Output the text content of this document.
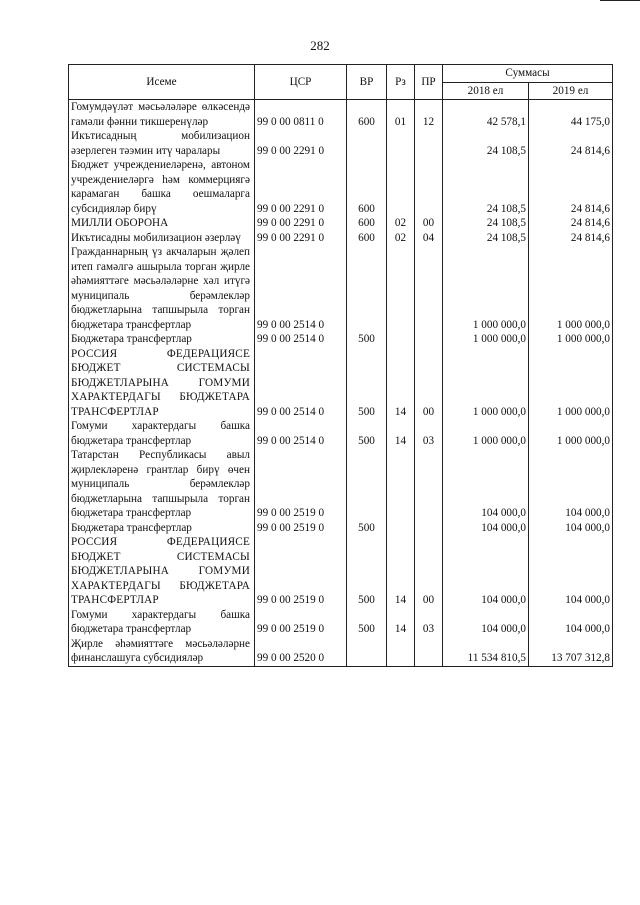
282
Исеме	ЦСР	ВР	Рз	ПР	Суммасы	
					2018 ел	2019 ел
Гомумдәүләт мәсьәләләре өлкәсендә гамәли фәнни тикшеренүләр	99 0 00 0811 0	600	01	12	42 578,1	44 175,0
Икътисадның мобилизацион әзерлеген тәэмин итү чаралары	99 0 00 2291 0				24 108,5	24 814,6
Бюджет учреждениеләренә, автоном учреждениеләргә һәм коммерциягә карамаган башка оешмаларга субсидияләр бирү	99 0 00 2291 0	600			24 108,5	24 814,6
МИЛЛИ ОБОРОНА	99 0 00 2291 0	600	02	00	24 108,5	24 814,6
Икътисадны мобилизацион әзерләү	99 0 00 2291 0	600	02	04	24 108,5	24 814,6
Гражданнарның үз акчаларын җәлеп итеп гамәлгә ашырыла торган җирле әһәмияттәге мәсьәләләрне хәл итүгә муниципаль берәмлекләр бюджетларына тапшырыла торган бюджетара трансфертлар	99 0 00 2514 0				1 000 000,0	1 000 000,0
Бюджетара трансфертлар	99 0 00 2514 0	500			1 000 000,0	1 000 000,0
РОССИЯ ФЕДЕРАЦИЯСЕ БЮДЖЕТ СИСТЕМАСЫ БЮДЖЕТЛАРЫНА ГОМУМИ ХАРАКТЕРДАГЫ БЮДЖЕТАРА ТРАНСФЕРТЛАР	99 0 00 2514 0	500	14	00	1 000 000,0	1 000 000,0
Гомуми характердагы башка бюджетара трансфертлар	99 0 00 2514 0	500	14	03	1 000 000,0	1 000 000,0
Татарстан Республикасы авыл җирлекләренә грантлар бирү өчен муниципаль берәмлекләр бюджетларына тапшырыла торган бюджетара трансфертлар	99 0 00 2519 0				104 000,0	104 000,0
Бюджетара трансфертлар	99 0 00 2519 0	500			104 000,0	104 000,0
РОССИЯ ФЕДЕРАЦИЯСЕ БЮДЖЕТ СИСТЕМАСЫ БЮДЖЕТЛАРЫНА ГОМУМИ ХАРАКТЕРДАГЫ БЮДЖЕТАРА ТРАНСФЕРТЛАР	99 0 00 2519 0	500	14	00	104 000,0	104 000,0
Гомуми характердагы башка бюджетара трансфертлар	99 0 00 2519 0	500	14	03	104 000,0	104 000,0
Җирле әһәмияттәге мәсьәләләрне финанслашуга субсидияләр	99 0 00 2520 0				11 534 810,5	13 707 312,8
